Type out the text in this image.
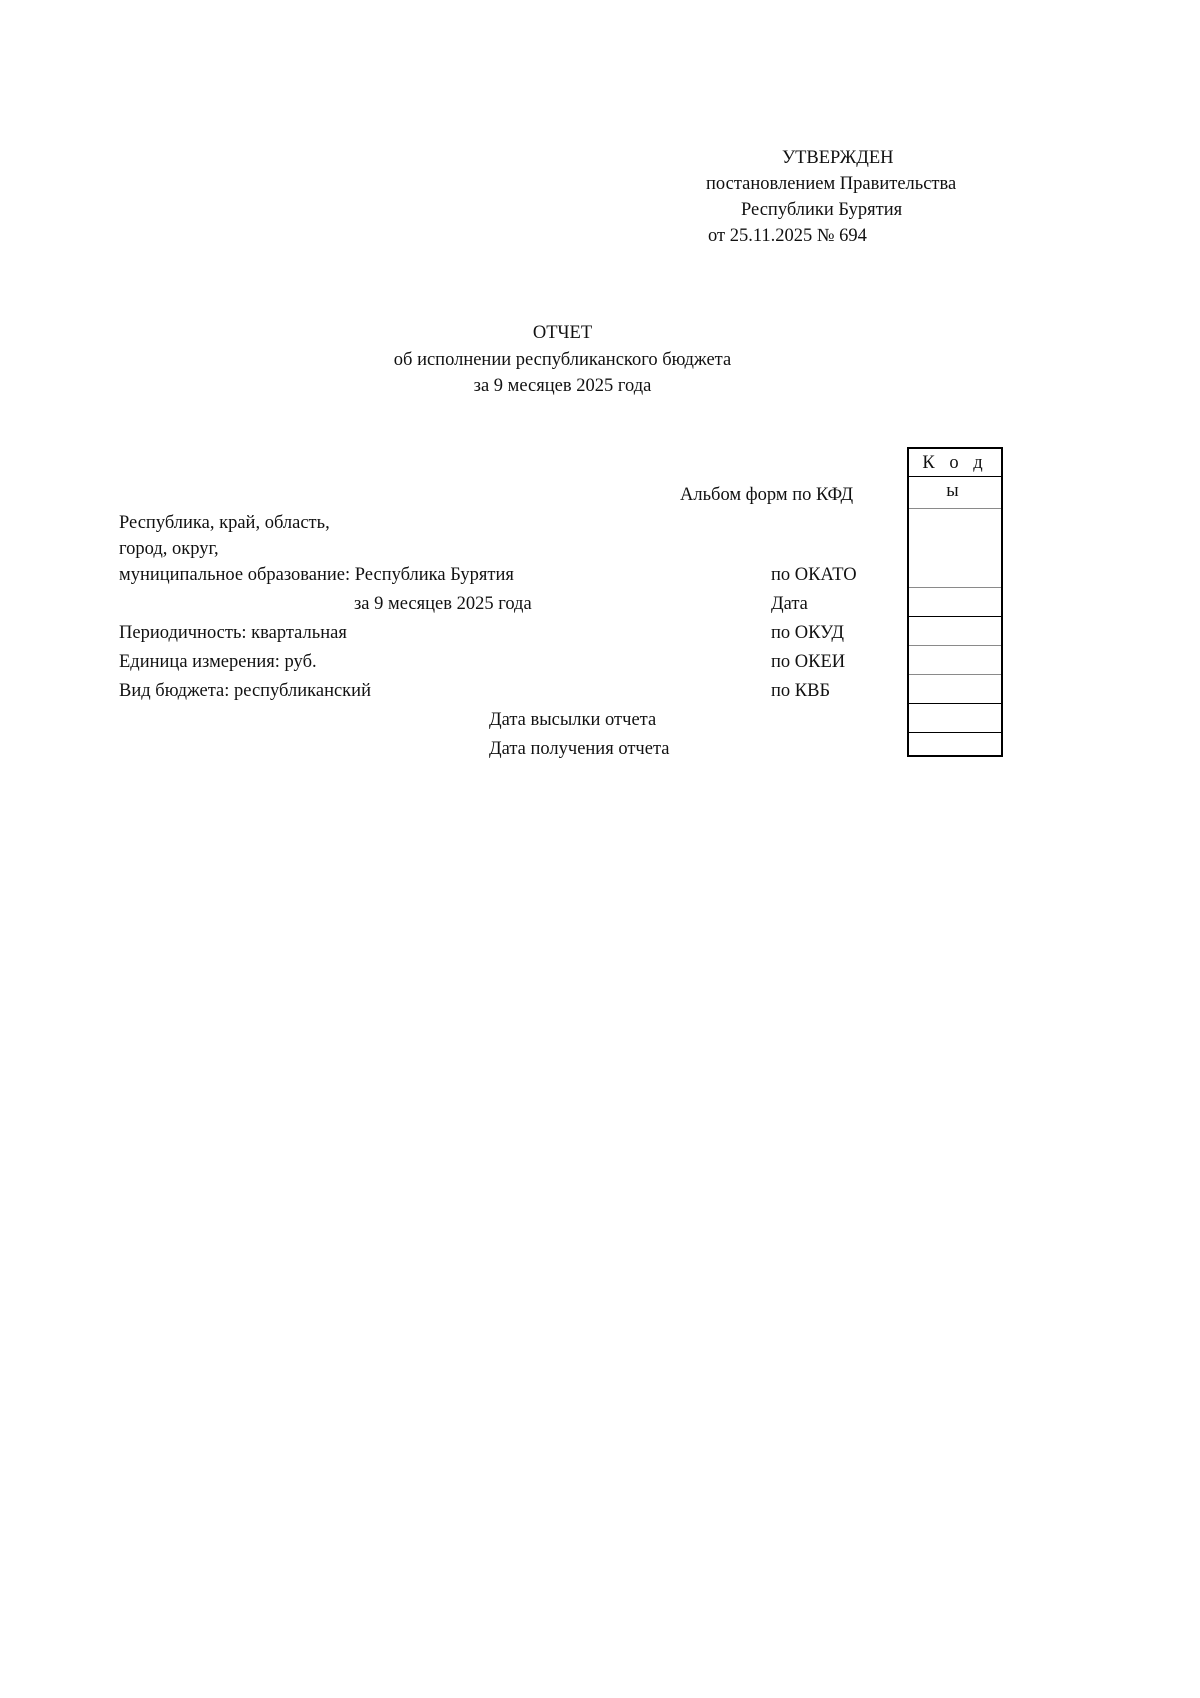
УТВЕРЖДЕН
постановлением Правительства
Республики Бурятия
от 25.11.2025 № 694
ОТЧЕТ
об исполнении республиканского бюджета
за 9 месяцев 2025 года
К о д ы
Альбом форм по КФД
Республика, край, область,
город, округ,
муниципальное образование: Республика Бурятия
за 9 месяцев 2025 года
Периодичность: квартальная
Единица измерения: руб.
Вид бюджета: республиканский
Дата высылки отчета
Дата получения отчета
по ОКАТО
Дата
по ОКУД
по ОКЕИ
по КВБ
